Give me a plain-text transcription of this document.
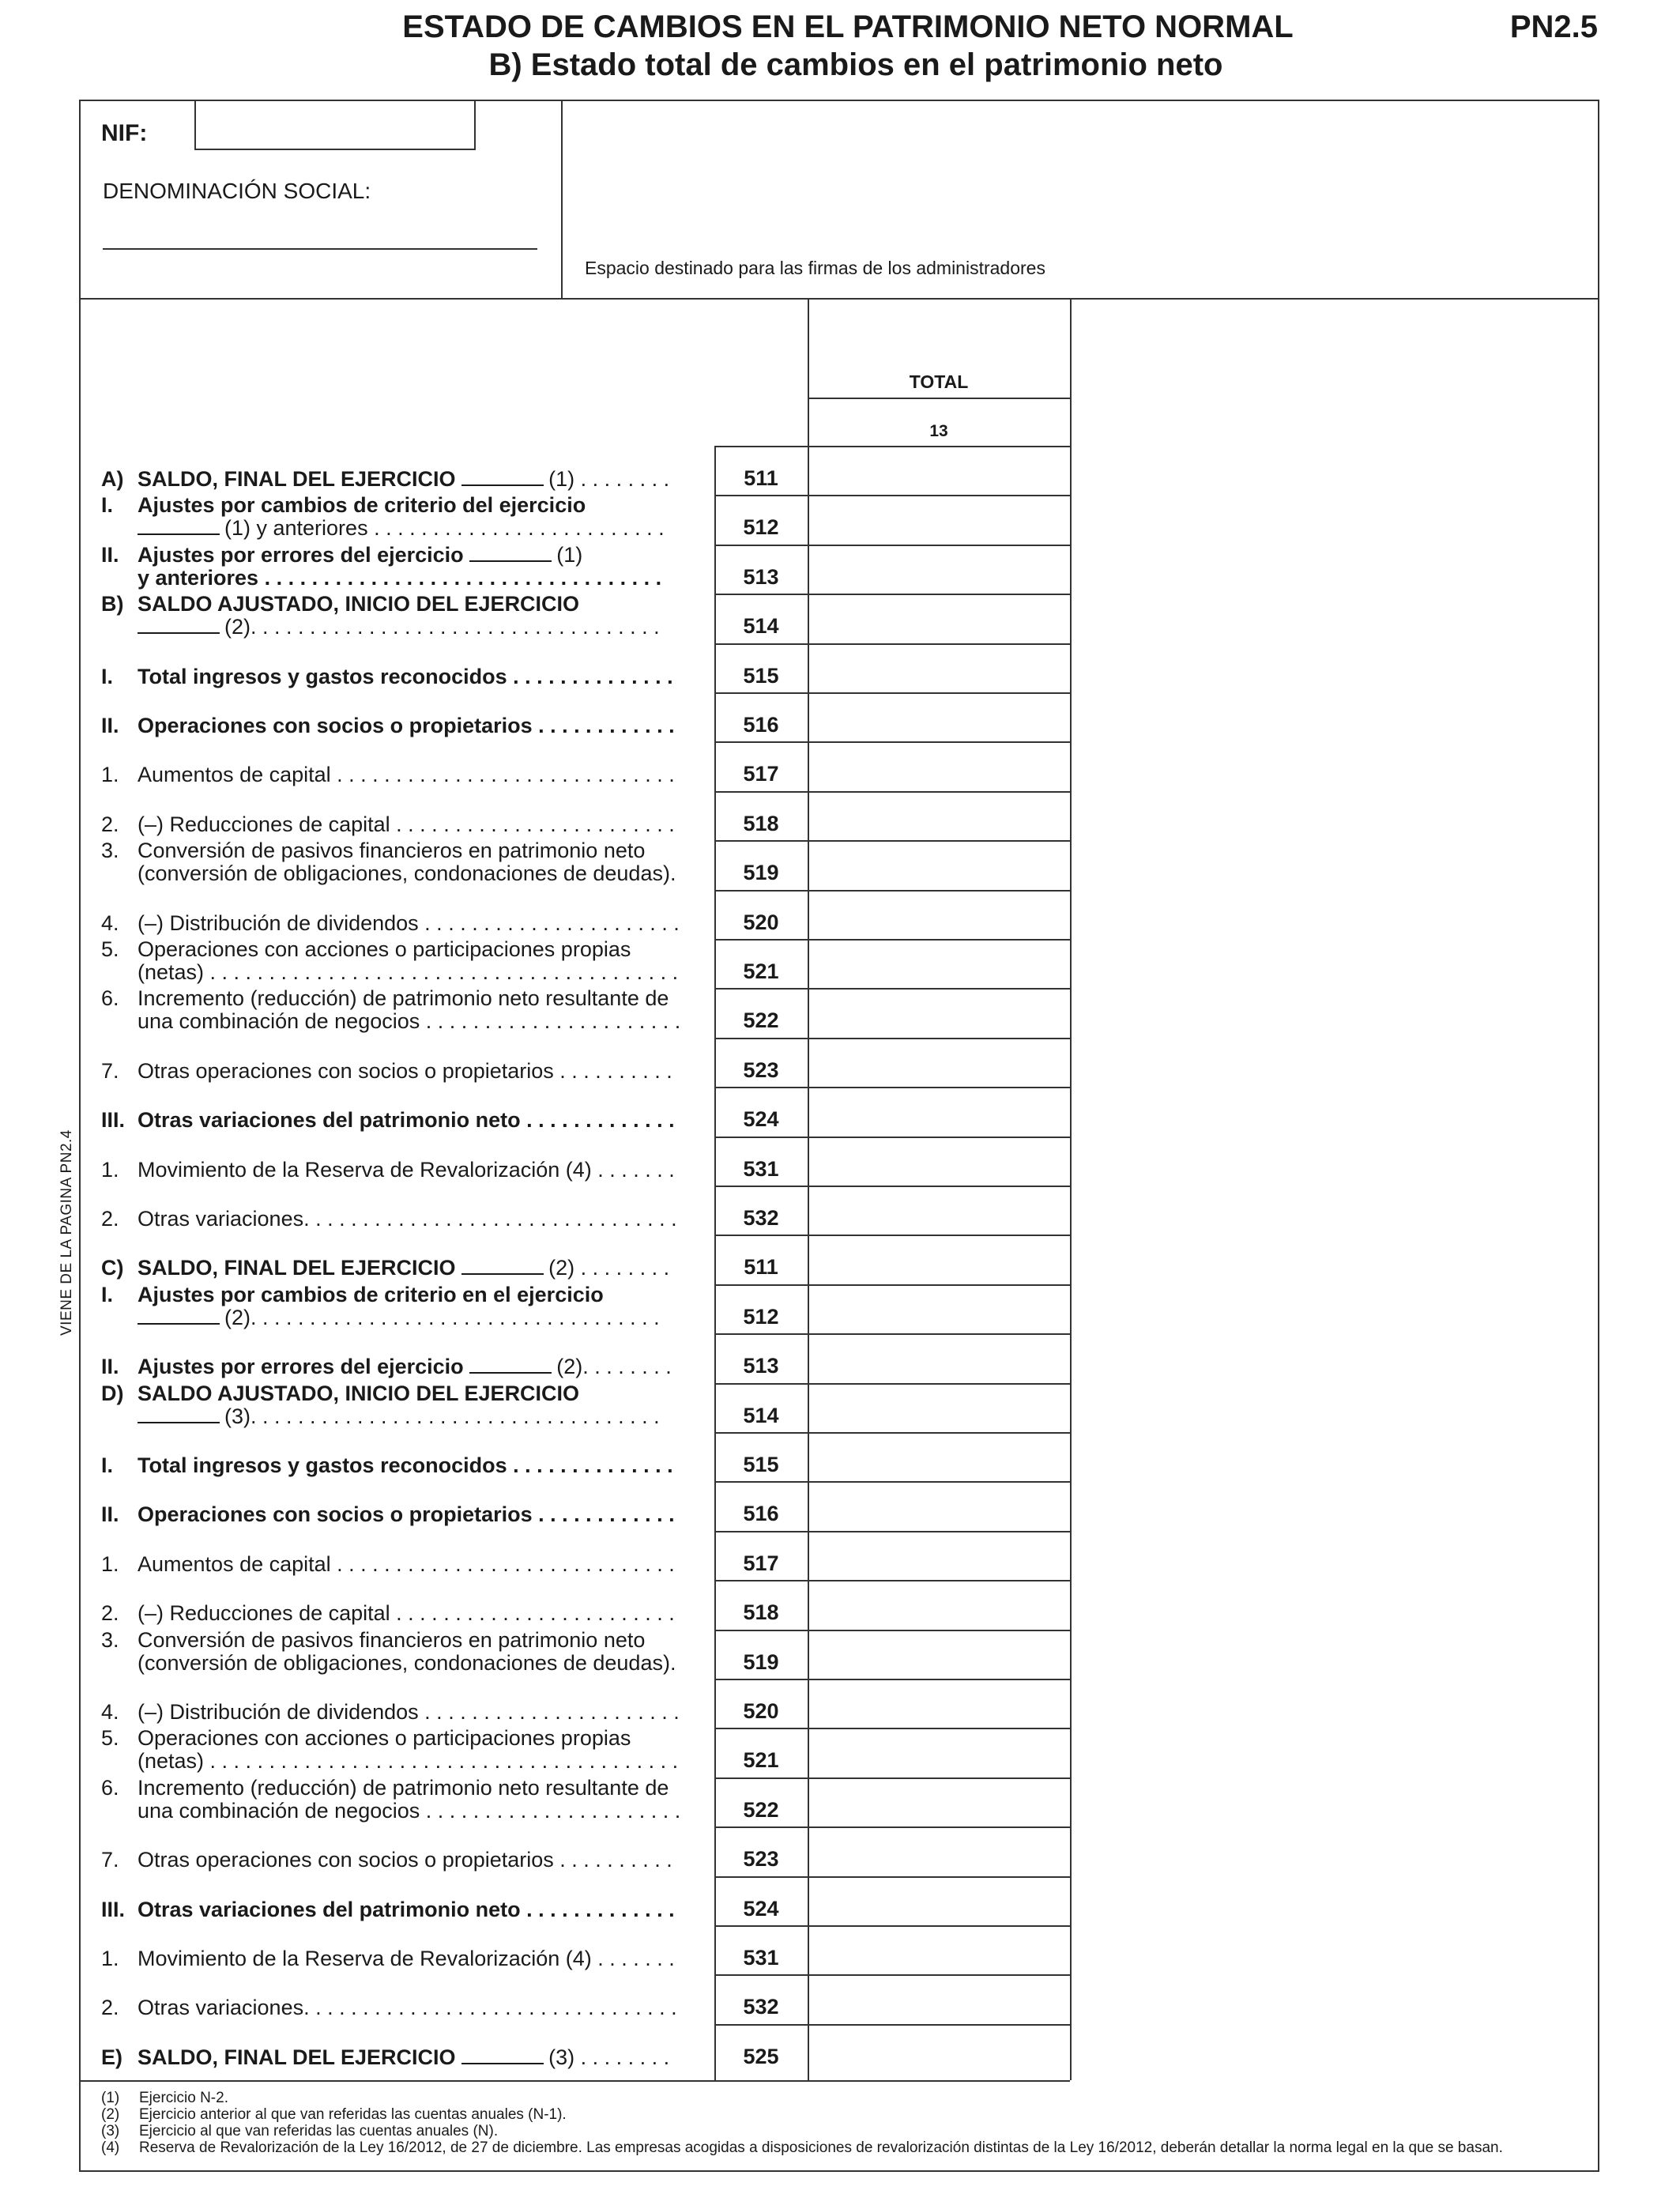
ESTADO DE CAMBIOS EN EL PATRIMONIO NETO NORMAL
B) Estado total de cambios en el patrimonio neto
PN2.5
NIF:
DENOMINACIÓN SOCIAL:
Espacio destinado para las firmas de los administradores
TOTAL
13
VIENE DE LA PAGINA PN2.4
A) SALDO, FINAL DEL EJERCICIO	(1) . . . . . . . .	511
I.	Ajustes por cambios de criterio del ejercicio
(1) y anteriores . . . . . . . . . . . . . . . . . . . . . . . . .	512
II. Ajustes por errores del ejercicio	(1)
y anteriores . . . . . . . . . . . . . . . . . . . . . . . . . . . . . . . . . .	513
B) SALDO AJUSTADO, INICIO DEL EJERCICIO
(2). . . . . . . . . . . . . . . . . . . . . . . . . . . . . . . . . . .	514
I.	Total ingresos y gastos reconocidos . . . . . . . . . . . . . .	515
II. Operaciones con socios o propietarios . . . . . . . . . . . .	516
1. Aumentos de capital . . . . . . . . . . . . . . . . . . . . . . . . . . . . .	517
2. (–) Reducciones de capital . . . . . . . . . . . . . . . . . . . . . . . .	518
3. Conversión de pasivos financieros en patrimonio neto
(conversión de obligaciones, condonaciones de deudas).	519
4. (–) Distribución de dividendos . . . . . . . . . . . . . . . . . . . . . .	520
5. Operaciones con acciones o participaciones propias
(netas) . . . . . . . . . . . . . . . . . . . . . . . . . . . . . . . . . . . . . . . .	521
6. Incremento (reducción) de patrimonio neto resultante de
una combinación de negocios . . . . . . . . . . . . . . . . . . . . . .	522
7. Otras operaciones con socios o propietarios . . . . . . . . . .	523
III. Otras variaciones del patrimonio neto . . . . . . . . . . . . .	524
1. Movimiento de la Reserva de Revalorización (4) . . . . . . .	531
2. Otras variaciones. . . . . . . . . . . . . . . . . . . . . . . . . . . . . . . .	532
C) SALDO, FINAL DEL EJERCICIO	(2) . . . . . . . .	511
I.	Ajustes por cambios de criterio en el ejercicio
(2). . . . . . . . . . . . . . . . . . . . . . . . . . . . . . . . . . .	512
II. Ajustes por errores del ejercicio	(2). . . . . . . .	513
D) SALDO AJUSTADO, INICIO DEL EJERCICIO
(3). . . . . . . . . . . . . . . . . . . . . . . . . . . . . . . . . . .	514
I.	Total ingresos y gastos reconocidos . . . . . . . . . . . . . .	515
II. Operaciones con socios o propietarios . . . . . . . . . . . .	516
1. Aumentos de capital . . . . . . . . . . . . . . . . . . . . . . . . . . . . .	517
2. (–) Reducciones de capital . . . . . . . . . . . . . . . . . . . . . . . .	518
3. Conversión de pasivos financieros en patrimonio neto
(conversión de obligaciones, condonaciones de deudas).	519
4. (–) Distribución de dividendos . . . . . . . . . . . . . . . . . . . . . .	520
5. Operaciones con acciones o participaciones propias
(netas) . . . . . . . . . . . . . . . . . . . . . . . . . . . . . . . . . . . . . . . .	521
6. Incremento (reducción) de patrimonio neto resultante de
una combinación de negocios . . . . . . . . . . . . . . . . . . . . . .	522
7. Otras operaciones con socios o propietarios . . . . . . . . . .	523
III. Otras variaciones del patrimonio neto . . . . . . . . . . . . .	524
1. Movimiento de la Reserva de Revalorización (4) . . . . . . .	531
2. Otras variaciones. . . . . . . . . . . . . . . . . . . . . . . . . . . . . . . .	532
E) SALDO, FINAL DEL EJERCICIO	(3) . . . . . . . .	525
(1) Ejercicio N-2.
(2) Ejercicio anterior al que van referidas las cuentas anuales (N-1).
(3) Ejercicio al que van referidas las cuentas anuales (N).
(4) Reserva de Revalorización de la Ley 16/2012, de 27 de diciembre. Las empresas acogidas a disposiciones de revalorización distintas de la Ley 16/2012, deberán detallar la norma legal en la que se basan.
